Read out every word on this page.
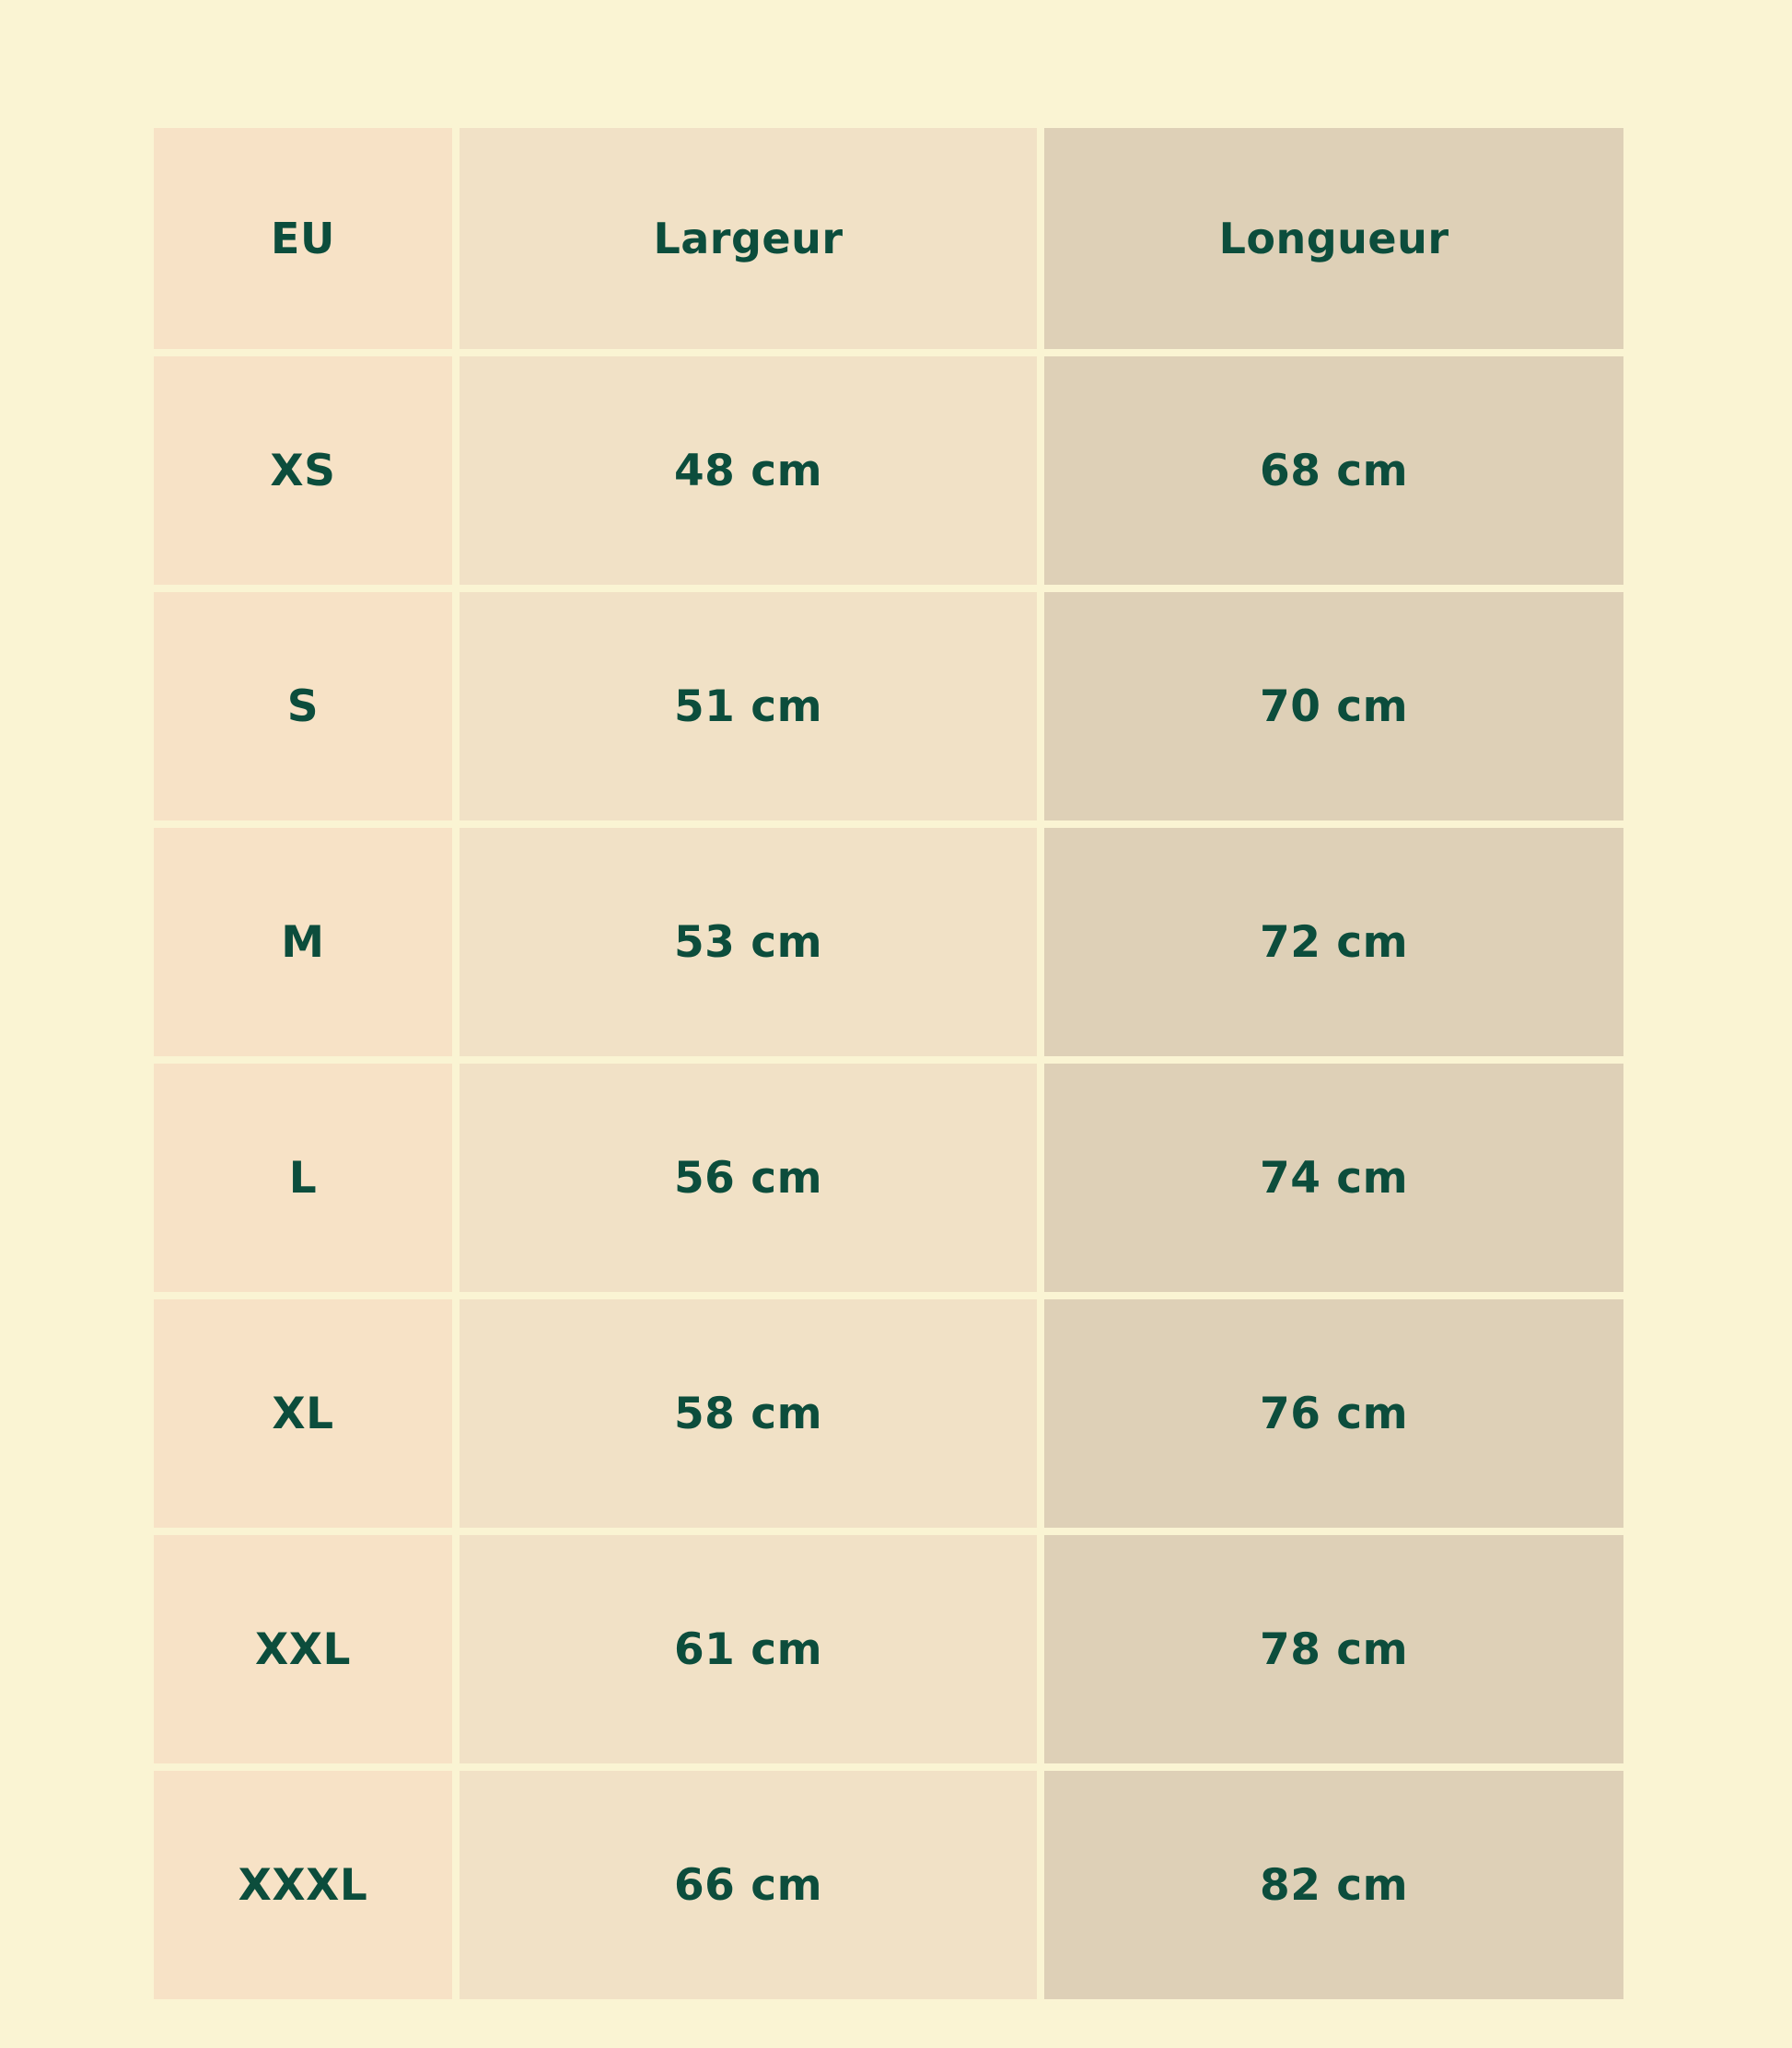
EU	Largeur	Longueur
XS	48 cm	68 cm
S	51 cm	70 cm
M	53 cm	72 cm
L	56 cm	74 cm
XL	58 cm	76 cm
XXL	61 cm	78 cm
XXXL	66 cm	82 cm
